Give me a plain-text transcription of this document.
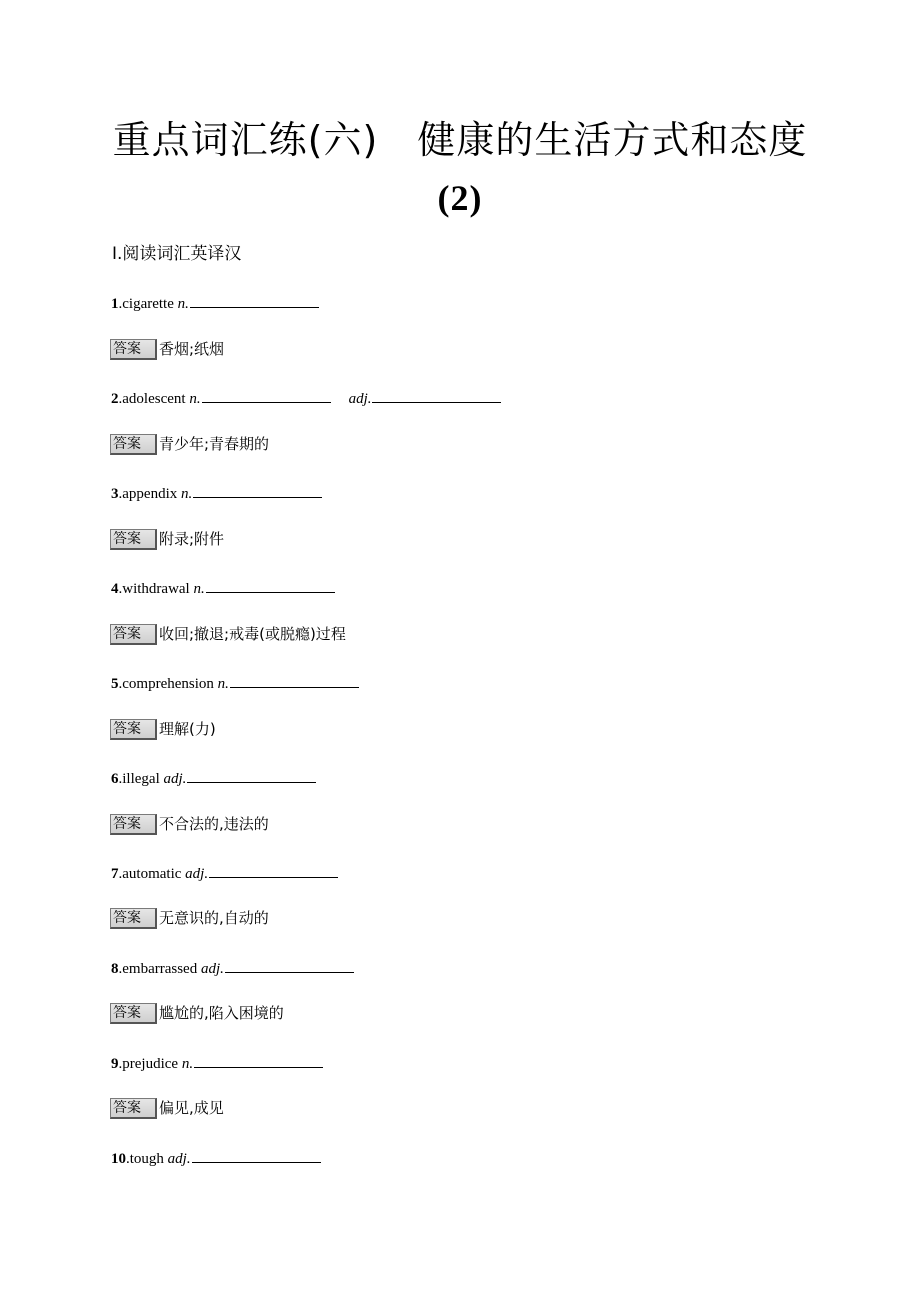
重点词汇练(六)　健康的生活方式和态度
(2)
Ⅰ.阅读词汇英译汉
1.cigarette n.
答案	香烟;纸烟
2.adolescent n.	adj.
答案	青少年;青春期的
3.appendix n.
答案	附录;附件
4.withdrawal n.
答案	收回;撤退;戒毒(或脱瘾)过程
5.comprehension n.
答案	理解(力)
6.illegal adj.
答案	不合法的,违法的
7.automatic adj.
答案	无意识的,自动的
8.embarrassed adj.
答案	尴尬的,陷入困境的
9.prejudice n.
答案	偏见,成见
10.tough adj.
